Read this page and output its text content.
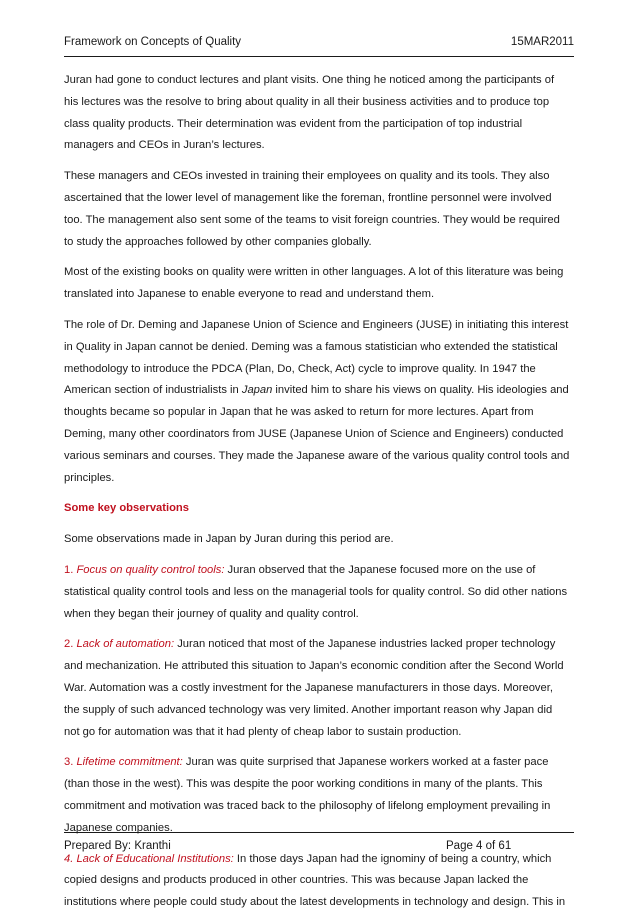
Framework on Concepts of Quality	15MAR2011

Juran had gone to conduct lectures and plant visits. One thing he noticed among the participants of his lectures was the resolve to bring about quality in all their business activities and to produce top class quality products. Their determination was evident from the participation of top industrial managers and CEOs in Juran’s lectures.

These managers and CEOs invested in training their employees on quality and its tools. They also ascertained that the lower level of management like the foreman, frontline personnel were involved too. The management also sent some of the teams to visit foreign countries. They would be required to study the approaches followed by other companies globally.

Most of the existing books on quality were written in other languages. A lot of this literature was being translated into Japanese to enable everyone to read and understand them.

The role of Dr. Deming and Japanese Union of Science and Engineers (JUSE) in initiating this interest in Quality in Japan cannot be denied. Deming was a famous statistician who extended the statistical methodology to introduce the PDCA (Plan, Do, Check, Act) cycle to improve quality. In 1947 the American section of industrialists in Japan invited him to share his views on quality. His ideologies and thoughts became so popular in Japan that he was asked to return for more lectures. Apart from Deming, many other coordinators from JUSE (Japanese Union of Science and Engineers) conducted various seminars and courses. They made the Japanese aware of the various quality control tools and principles.

Some key observations

Some observations made in Japan by Juran during this period are.

1. Focus on quality control tools: Juran observed that the Japanese focused more on the use of statistical quality control tools and less on the managerial tools for quality control. So did other nations when they began their journey of quality and quality control.

2. Lack of automation: Juran noticed that most of the Japanese industries lacked proper technology and mechanization. He attributed this situation to Japan’s economic condition after the Second World War. Automation was a costly investment for the Japanese manufacturers in those days. Moreover, the supply of such advanced technology was very limited. Another important reason why Japan did not go for automation was that it had plenty of cheap labor to sustain production.

3. Lifetime commitment: Juran was quite surprised that Japanese workers worked at a faster pace (than those in the west). This was despite the poor working conditions in many of the plants. This commitment and motivation was traced back to the philosophy of lifelong employment prevailing in Japanese companies.

4. Lack of Educational Institutions: In those days Japan had the ignominy of being a country, which copied designs and products produced in other countries. This was because Japan lacked the institutions where people could study about the latest developments in technology and design. This in

Prepared By: Kranthi	Page 4 of 61
